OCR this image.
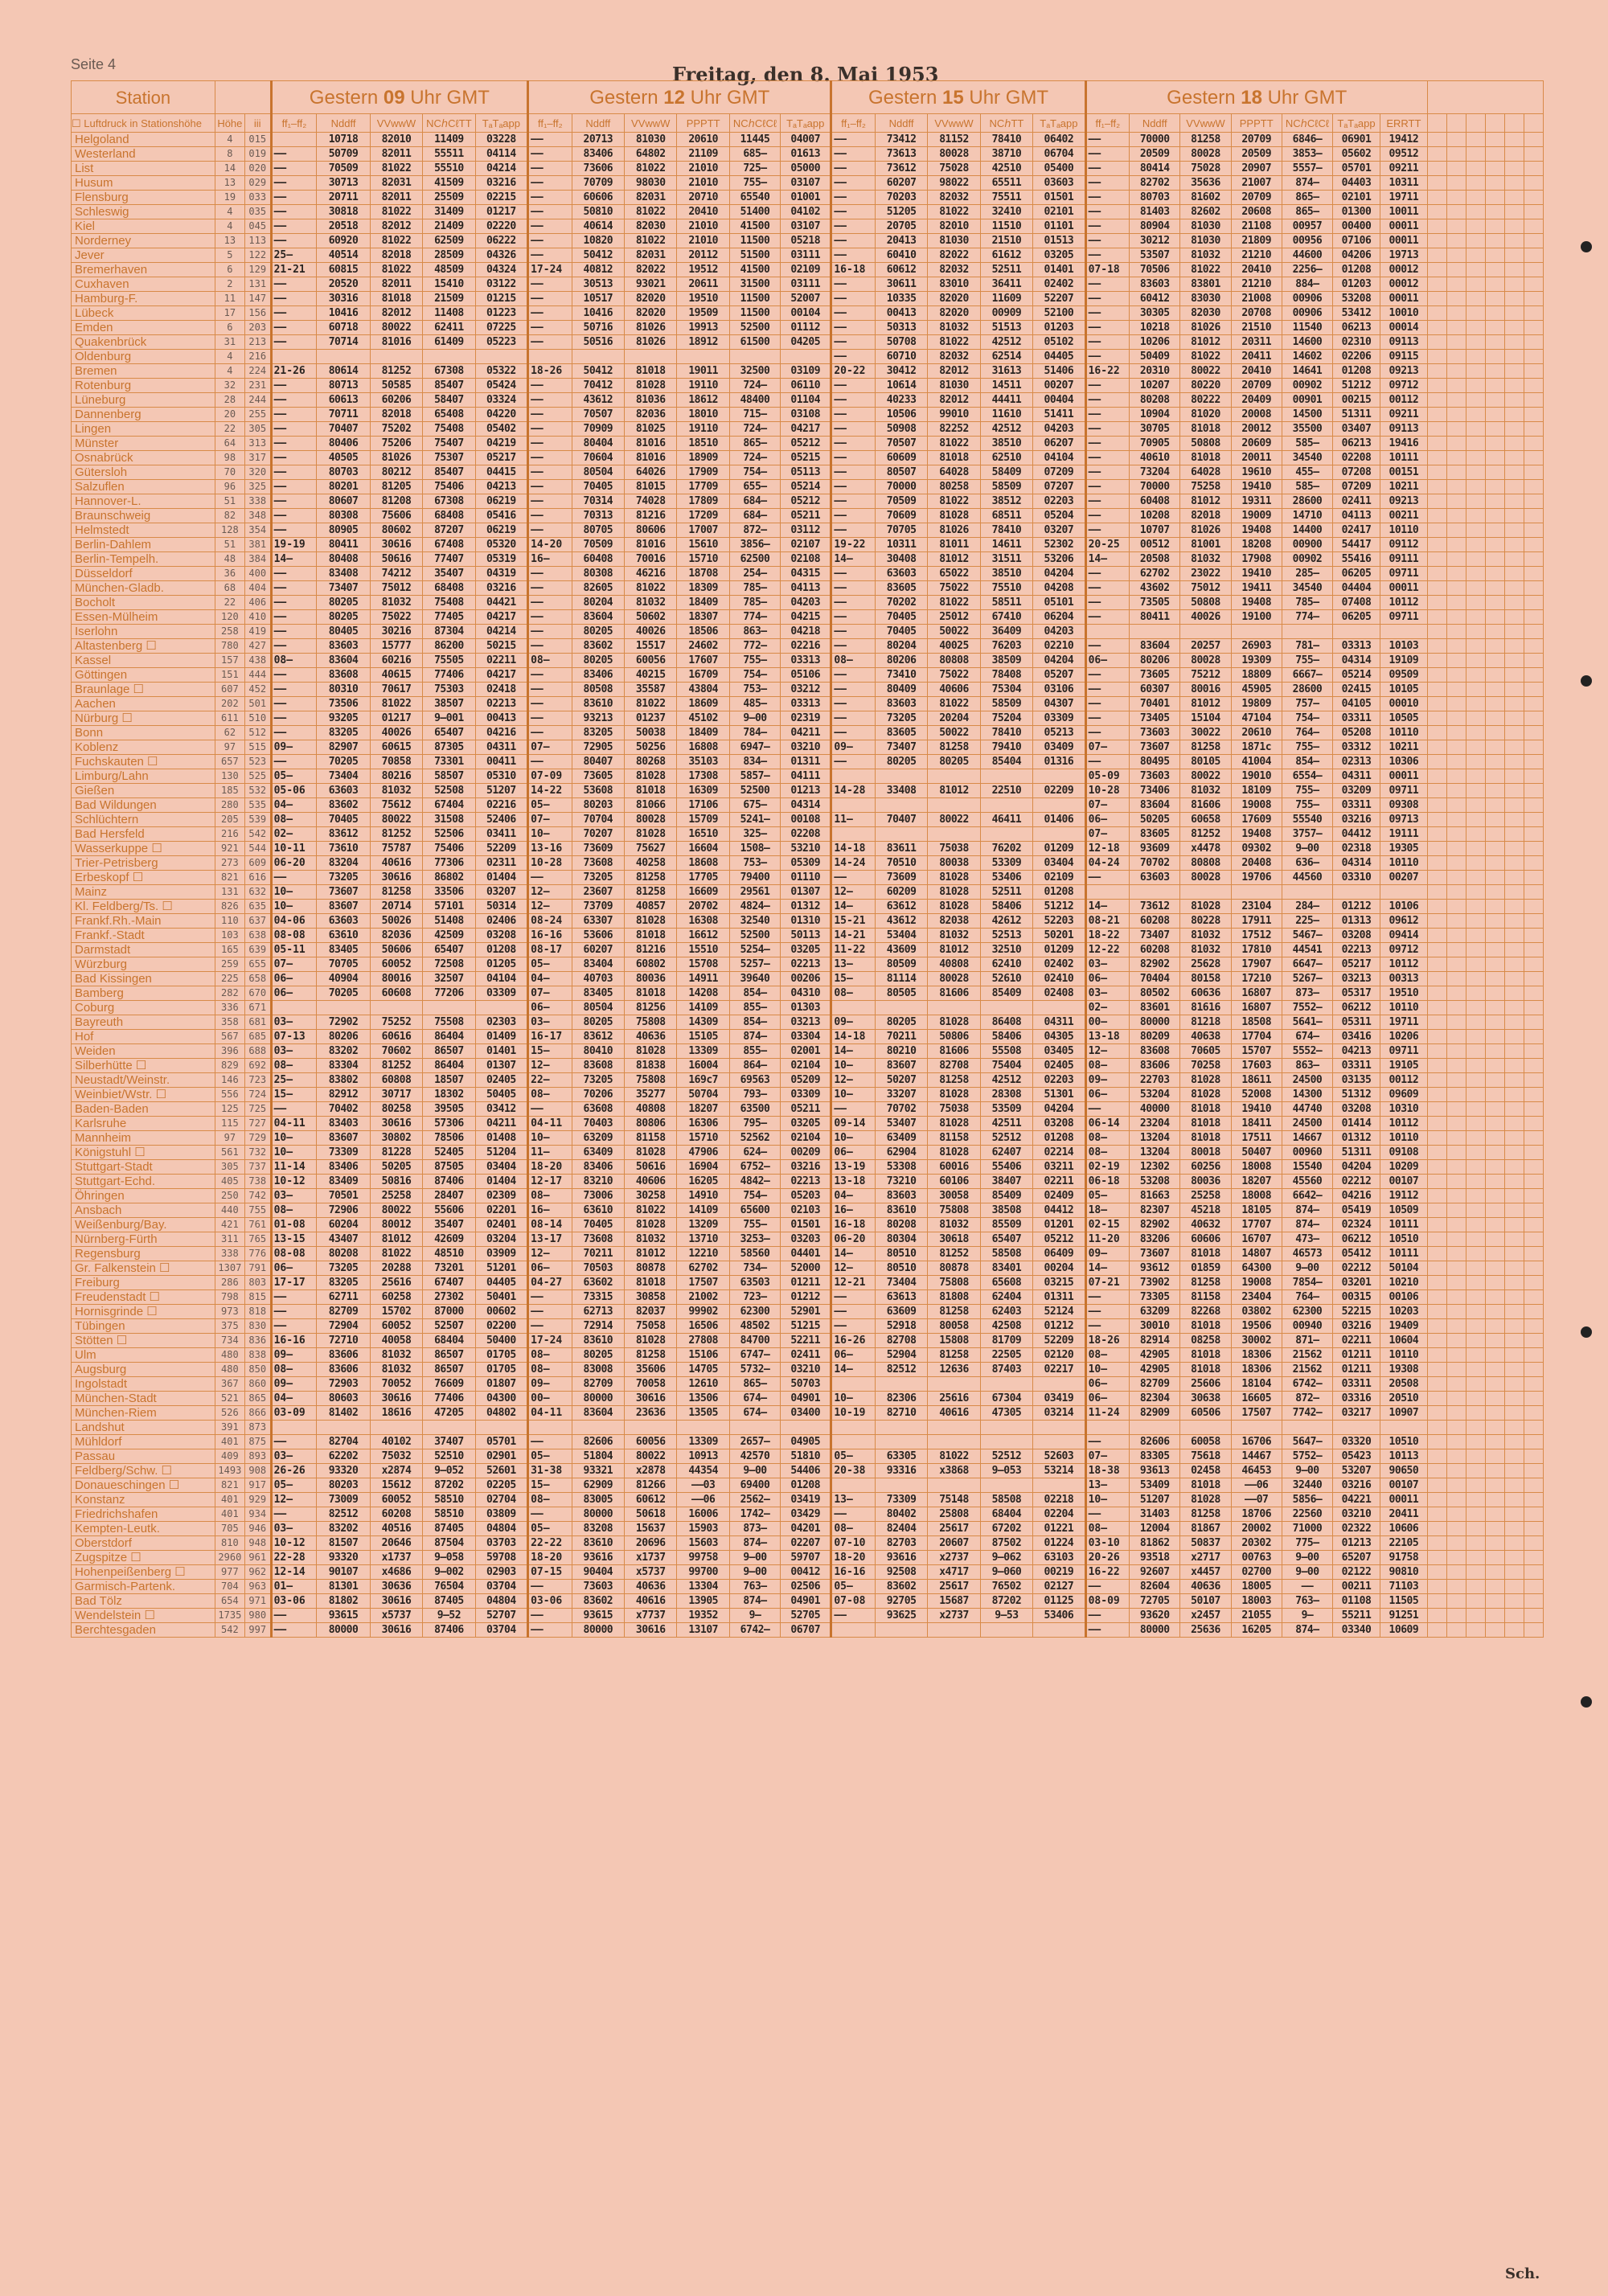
Seite 4	Freitag, den 8. Mai 1953
Station			Gestern 09 Uhr GMT					Gestern 12 Uhr GMT						Gestern 15 Uhr GMT					Gestern 18 Uhr GMT												
☐ Luftdruck in Stationshöhe	Höhe	iii	ff₁–ff₂	Nddff	VVwwW	NCℎCℓTT	TₐTₐapp	ff₁–ff₂	Nddff	VVwwW	PPPTT	NCℎCℓCℓ	TₐTₐapp	ff₁–ff₂	Nddff	VVwwW	NCℎTT	TₐTₐapp	ff₁–ff₂	Nddff	VVwwW	PPPTT	NCℎCℓCℓ	TₐTₐapp	ERRTT						
Helgoland	4	015		10718	82010	11409	03228	——	20713	81030	20610	11445	04007	——	73412	81152	78410	06402	——	70000	81258	20709	6846—	06901	19412						
Westerland	8	019	——	50709	82011	55511	04114	——	83406	64802	21109	685—	01613	——	73613	80028	38710	06704	——	20509	80028	20509	3853—	05602	09512						
List	14	020	——	70509	81022	55510	04214	——	73606	81022	21010	725—	05000	——	73612	75028	42510	05400	——	80414	75028	20907	5557—	05701	09211						
Husum	13	029	——	30713	82031	41509	03216	——	70709	98030	21010	755—	03107	——	60207	98022	65511	03603	——	82702	35636	21007	874—	04403	10311						
Flensburg	19	033	——	20711	82011	25509	02215	——	60606	82031	20710	65540	01001	——	70203	82032	75511	01501	——	80703	81602	20709	865—	02101	19711						
Schleswig	4	035	——	30818	81022	31409	01217	——	50810	81022	20410	51400	04102	——	51205	81022	32410	02101	——	81403	82602	20608	865—	01300	10011						
Kiel	4	045	——	20518	82012	21409	02220	——	40614	82030	21010	41500	03107	——	20705	82010	11510	01101	——	80904	81030	21108	00957	00400	00011						
Norderney	13	113	——	60920	81022	62509	06222	——	10820	81022	21010	11500	05218	——	20413	81030	21510	01513	——	30212	81030	21809	00956	07106	00011						
Jever	5	122	25—	40514	82018	28509	04326	——	50412	82031	20112	51500	03111	——	60410	82022	61612	03205	——	53507	81032	21210	44600	04206	19713						
Bremerhaven	6	129	21-21	60815	81022	48509	04324	17-24	40812	82022	19512	41500	02109	16-18	60612	82032	52511	01401	07-18	70506	81022	20410	2256—	01208	00012						
Cuxhaven	2	131	——	20520	82011	15410	03122	——	30513	93021	20611	31500	03111	——	30611	83010	36411	02402	——	83603	83801	21210	884—	01203	00012						
Hamburg-F.	11	147	——	30316	81018	21509	01215	——	10517	82020	19510	11500	52007	——	10335	82020	11609	52207	——	60412	83030	21008	00906	53208	00011						
Lübeck	17	156	——	10416	82012	11408	01223	——	10416	82020	19509	11500	00104	——	00413	82020	00909	52100	——	30305	82030	20708	00906	53412	10010						
Emden	6	203	——	60718	80022	62411	07225	——	50716	81026	19913	52500	01112	——	50313	81032	51513	01203	——	10218	81026	21510	11540	06213	00014						
Quakenbrück	31	213	——	70714	81016	61409	05223	——	50516	81026	18912	61500	04205	——	50708	81022	42512	05102	——	10206	81012	20311	14600	02310	09113						
Oldenburg	4	216												——	60710	82032	62514	04405	——	50409	81022	20411	14602	02206	09115						
Bremen	4	224	21-26	80614	81252	67308	05322	18-26	50412	81018	19011	32500	03109	20-22	30412	82012	31613	51406	16-22	20310	80022	20410	14641	01208	09213						
Rotenburg	32	231	——	80713	50585	85407	05424	——	70412	81028	19110	724—	06110	——	10614	81030	14511	00207	——	10207	80220	20709	00902	51212	09712						
Lüneburg	28	244	——	60613	60206	58407	03324	——	43612	81036	18612	48400	01104	——	40233	82012	44411	00404	——	80208	80222	20409	00901	00215	00112						
Dannenberg	20	255	——	70711	82018	65408	04220	——	70507	82036	18010	715—	03108	——	10506	99010	11610	51411	——	10904	81020	20008	14500	51311	09211						
Lingen	22	305	——	70407	75202	75408	05402	——	70909	81025	19110	724—	04217	——	50908	82252	42512	04203	——	30705	81018	20012	35500	03407	09113						
Münster	64	313	——	80406	75206	75407	04219	——	80404	81016	18510	865—	05212	——	70507	81022	38510	06207	——	70905	50808	20609	585—	06213	19416						
Osnabrück	98	317	——	40505	81026	75307	05217	——	70604	81016	18909	724—	05215	——	60609	81018	62510	04104	——	40610	81018	20011	34540	02208	10111						
Gütersloh	70	320	——	80703	80212	85407	04415	——	80504	64026	17909	754—	05113	——	80507	64028	58409	07209	——	73204	64028	19610	455—	07208	00151						
Salzuflen	96	325	——	80201	81205	75406	04213	——	70405	81015	17709	655—	05214	——	70000	80258	58509	07207	——	70000	75258	19410	585—	07209	10211						
Hannover-L.	51	338	——	80607	81208	67308	06219	——	70314	74028	17809	684—	05212	——	70509	81022	38512	02203	——	60408	81012	19311	28600	02411	09213						
Braunschweig	82	348	——	80308	75606	68408	05416	——	70313	81216	17209	684—	05211	——	70609	81028	68511	05204	——	10208	82018	19009	14710	04113	00211						
Helmstedt	128	354	——	80905	80602	87207	06219	——	80705	80606	17007	872—	03112	——	70705	81026	78410	03207	——	10707	81026	19408	14400	02417	10110						
Berlin-Dahlem	51	381	19-19	80411	30616	67408	05320	14-20	70509	81016	15610	3856—	02107	19-22	10311	81011	14611	52302	20-25	00512	81001	18208	00900	54417	09112						
Berlin-Tempelh.	48	384	14—	80408	50616	77407	05319	16—	60408	70016	15710	62500	02108	14—	30408	81012	31511	53206	14—	20508	81032	17908	00902	55416	09111						
Düsseldorf	36	400	——	83408	74212	35407	04319	——	80308	46216	18708	254—	04315	——	63603	65022	38510	04204	——	62702	23022	19410	285—	06205	09711						
München-Gladb.	68	404	——	73407	75012	68408	03216	——	82605	81022	18309	785—	04113	——	83605	75022	75510	04208	——	43602	75012	19411	34540	04404	00011						
Bocholt	22	406	——	80205	81032	75408	04421	——	80204	81032	18409	785—	04203	——	70202	81022	58511	05101	——	73505	50808	19408	785—	07408	10112						
Essen-Mülheim	120	410	——	80205	75022	77405	04217	——	83604	50602	18307	774—	04215	——	70405	25012	67410	06204	——	80411	40026	19100	774—	06205	09711						
Iserlohn	258	419	——	80405	30216	87304	04214	——	80205	40026	18506	863—	04218	——	70405	50022	36409	04203													
Altastenberg ☐	780	427	——	83603	15777	86200	50215	——	83602	15517	24602	772—	02216	——	80204	40025	76203	02210	——	83604	20257	26903	781—	03313	10103						
Kassel	157	438	08—	83604	60216	75505	02211	08—	80205	60056	17607	755—	03313	08—	80206	80808	38509	04204	06—	80206	80028	19309	755—	04314	19109						
Göttingen	151	444	——	83608	40615	77406	04217	——	83406	40215	16709	754—	05106	——	73410	75022	78408	05207	——	73605	75212	18809	6667—	05214	09509						
Braunlage ☐	607	452	——	80310	70617	75303	02418	——	80508	35587	43804	753—	03212	——	80409	40606	75304	03106	——	60307	80016	45905	28600	02415	10105						
Aachen	202	501	——	73506	81022	38507	02213	——	83610	81022	18609	485—	03313	——	83603	81022	58509	04307	——	70401	81012	19809	757—	04105	00010						
Nürburg ☐	611	510	——	93205	01217	9—001	00413	——	93213	01237	45102	9—00	02319	——	73205	20204	75204	03309	——	73405	15104	47104	754—	03311	10505						
Bonn	62	512	——	83205	40026	65407	04216	——	83205	50038	18409	784—	04211	——	83605	50022	78410	05213	——	73603	30022	20610	764—	05208	10110						
Koblenz	97	515	09—	82907	60615	87305	04311	07—	72905	50256	16808	6947—	03210	09—	73407	81258	79410	03409	07—	73607	81258	1871с	755—	03312	10211						
Fuchskauten ☐	657	523	——	70205	70858	73301	00411	——	80407	80268	35103	834—	01311	——	80205	80205	85404	01316	——	80495	80105	41004	854—	02313	10306						
Limburg/Lahn	130	525	05—	73404	80216	58507	05310	07-09	73605	81028	17308	5857—	04111						05-09	73603	80022	19010	6554—	04311	00011						
Gießen	185	532	05-06	63603	81032	52508	51207	14-22	53608	81018	16309	52500	01213	14-28	33408	81012	22510	02209	10-28	73406	81032	18109	755—	03209	09711						
Bad Wildungen	280	535	04—	83602	75612	67404	02216	05—	80203	81066	17106	675—	04314						07—	83604	81606	19008	755—	03311	09308						
Schlüchtern	205	539	08—	70405	80022	31508	52406	07—	70704	80028	15709	5241—	00108	11—	70407	80022	46411	01406	06—	50205	60658	17609	55540	03216	09713						
Bad Hersfeld	216	542	02—	83612	81252	52506	03411	10—	70207	81028	16510	325—	02208						07—	83605	81252	19408	3757—	04412	19111						
Wasserkuppe ☐	921	544	10-11	73610	75787	75406	52209	13-16	73609	75627	16604	1508—	53210	14-18	83611	75038	76202	01209	12-18	93609	x4478	09302	9—00	02318	19305						
Trier-Petrisberg	273	609	06-20	83204	40616	77306	02311	10-28	73608	40258	18608	753—	05309	14-24	70510	80038	53309	03404	04-24	70702	80808	20408	636—	04314	10110						
Erbeskopf ☐	821	616	——	73205	30616	86802	01404	——	73205	81258	17705	79400	01110	——	73609	81028	53406	02109	——	63603	80028	19706	44560	03310	00207						
Mainz	131	632	10—	73607	81258	33506	03207	12—	23607	81258	16609	29561	01307	12—	60209	81028	52511	01208													
Kl. Feldberg/Ts. ☐	826	635	10—	83607	20714	57101	50314	12—	73709	40857	20702	4824—	01312	14—	63612	81028	58406	51212	14—	73612	81028	23104	284—	01212	10106						
Frankf.Rh.-Main	110	637	04-06	63603	50026	51408	02406	08-24	63307	81028	16308	32540	01310	15-21	43612	82038	42612	52203	08-21	60208	80228	17911	225—	01313	09612						
Frankf.-Stadt	103	638	08-08	63610	82036	42509	03208	16-16	53606	81018	16612	52500	50113	14-21	53404	81032	52513	50201	18-22	73407	81032	17512	5467—	03208	09414						
Darmstadt	165	639	05-11	83405	50606	65407	01208	08-17	60207	81216	15510	5254—	03205	11-22	43609	81012	32510	01209	12-22	60208	81032	17810	44541	02213	09712						
Würzburg	259	655	07—	70705	60052	72508	01205	05—	83404	60802	15708	5257—	02213	13—	80509	40808	62410	02402	03—	82902	25628	17907	6647—	05217	10112						
Bad Kissingen	225	658	06—	40904	80016	32507	04104	04—	40703	80036	14911	39640	00206	15—	81114	80028	52610	02410	06—	70404	80158	17210	5267—	03213	00313						
Bamberg	282	670	06—	70205	60608	77206	03309	07—	83405	81018	14208	854—	04310	08—	80505	81606	85409	02408	03—	80502	60636	16807	873—	05317	19510						
Coburg	336	671						06—	80504	81256	14109	855—	01303						02—	83601	81616	16807	7552—	06212	10110						
Bayreuth	358	681	03—	72902	75252	75508	02303	03—	80205	75808	14309	854—	03213	09—	80205	81028	86408	04311	00—	80000	81218	18508	5641—	05311	19711						
Hof	567	685	07-13	80206	60616	86404	01409	16-17	83612	40636	15105	874—	03304	14-18	70211	50806	58406	04305	13-18	80209	40638	17704	674—	03416	10206						
Weiden	396	688	03—	83202	70602	86507	01401	15—	80410	81028	13309	855—	02001	14—	80210	81606	55508	03405	12—	83608	70605	15707	5552—	04213	09711						
Silberhütte ☐	829	692	08—	83304	81252	86404	01307	12—	83608	81838	16004	864—	02104	10—	83607	82708	75404	02405	08—	83606	70258	17603	863—	03311	19105						
Neustadt/Weinstr.	146	723	25—	83802	60808	18507	02405	22—	73205	75808	169c7	69563	05209	12—	50207	81258	42512	02203	09—	22703	81028	18611	24500	03135	00112						
Weinbiet/Wstr. ☐	556	724	15—	82912	30717	18302	50405	08—	70206	35277	50704	793—	03309	10—	33207	81028	28308	51301	06—	53204	81028	52008	14300	51312	09609						
Baden-Baden	125	725	——	70402	80258	39505	03412	——	63608	40808	18207	63500	05211	——	70702	75038	53509	04204	——	40000	81018	19410	44740	03208	10310						
Karlsruhe	115	727	04-11	83403	30616	57306	04211	04-11	70403	80806	16306	795—	03205	09-14	53407	81028	42511	03208	06-14	23204	81018	18411	24500	01414	10112						
Mannheim	97	729	10—	83607	30802	78506	01408	10—	63209	81158	15710	52562	02104	10—	63409	81158	52512	01208	08—	13204	81018	17511	14667	01312	10110						
Königstuhl ☐	561	732	10—	73309	81228	52405	51204	11—	63409	81028	47906	624—	00209	06—	62904	81028	62407	02214	08—	13204	80018	50407	00960	51311	09108						
Stuttgart-Stadt	305	737	11-14	83406	50205	87505	03404	18-20	83406	50616	16904	6752—	03216	13-19	53308	60016	55406	03211	02-19	12302	60256	18008	15540	04204	10209						
Stuttgart-Echd.	405	738	10-12	83409	50816	87406	01404	12-17	83210	40606	16205	4842—	02213	13-18	73210	60106	38407	02211	06-18	53208	80036	18207	45560	02212	00107						
Öhringen	250	742	03—	70501	25258	28407	02309	08—	73006	30258	14910	754—	05203	04—	83603	30058	85409	02409	05—	81663	25258	18008	6642—	04216	19112						
Ansbach	440	755	08—	72906	80022	55606	02201	16—	63610	81022	14109	65600	02103	16—	83610	75808	38508	04412	18—	82307	45218	18105	874—	05419	10509						
Weißenburg/Bay.	421	761	01-08	60204	80012	35407	02401	08-14	70405	81028	13209	755—	01501	16-18	80208	81032	85509	01201	02-15	82902	40632	17707	874—	02324	10111						
Nürnberg-Fürth	311	765	13-15	43407	81012	42609	03204	13-17	73608	81032	13710	3253—	03203	06-20	80304	30618	65407	05212	11-20	83206	60606	16707	473—	06212	10510						
Regensburg	338	776	08-08	80208	81022	48510	03909	12—	70211	81012	12210	58560	04401	14—	80510	81252	58508	06409	09—	73607	81018	14807	46573	05412	10111						
Gr. Falkenstein ☐	1307	791	06—	73205	20288	73201	51201	06—	70503	80878	62702	734—	52000	12—	80510	80878	83401	00204	14—	93612	01859	64300	9—00	02212	50104						
Freiburg	286	803	17-17	83205	25616	67407	04405	04-27	63602	81018	17507	63503	01211	12-21	73404	75808	65608	03215	07-21	73902	81258	19008	7854—	03201	10210						
Freudenstadt ☐	798	815	——	62711	60258	27302	50401	——	73315	30858	21002	723—	01212	——	63613	81808	62404	01311	——	73305	81158	23404	764—	00315	00106						
Hornisgrinde ☐	973	818	——	82709	15702	87000	00602	——	62713	82037	99902	62300	52901	——	63609	81258	62403	52124	——	63209	82268	03802	62300	52215	10203						
Tübingen	375	830	——	72904	60052	52507	02200	——	72914	75058	16506	48502	51215	——	52918	80058	42508	01212	——	30010	81018	19506	00940	03216	19409						
Stötten ☐	734	836	16-16	72710	40058	68404	50400	17-24	83610	81028	27808	84700	52211	16-26	82708	15808	81709	52209	18-26	82914	08258	30002	871—	02211	10604						
Ulm	480	838	09—	83606	81032	86507	01705	08—	80205	81258	15106	6747—	02411	06—	52904	81258	22505	02120	08—	42905	81018	18306	21562	01211	10110						
Augsburg	480	850	08—	83606	81032	86507	01705	08—	83008	35606	14705	5732—	03210	14—	82512	12636	87403	02217	10—	42905	81018	18306	21562	01211	19308						
Ingolstadt	367	860	09—	72903	70052	76609	01807	09—	82709	70058	12610	865—	50703						06—	82709	25606	18104	6742—	03311	20508						
München-Stadt	521	865	04—	80603	30616	77406	04300	00—	80000	30616	13506	674—	04901	10—	82306	25616	67304	03419	06—	82304	30638	16605	872—	03316	20510						
München-Riem	526	866	03-09	81402	18616	47205	04802	04-11	83604	23636	13505	674—	03400	10-19	82710	40616	47305	03214	11-24	82909	60506	17507	7742—	03217	10907						
Landshut	391	873																													
Mühldorf	401	875	——	82704	40102	37407	05701	——	82606	60056	13309	2657—	04905						——	82606	60058	16706	5647—	03320	10510						
Passau	409	893	03—	62202	75032	52510	02901	05—	51804	80022	10913	42570	51810	05—	63305	81022	52512	52603	07—	83305	75618	14467	5752—	05423	10113						
Feldberg/Schw. ☐	1493	908	26-26	93320	x2874	9—052	52601	31-38	93321	x2878	44354	9—00	54406	20-38	93316	x3868	9—053	53214	18-38	93613	02458	46453	9—00	53207	90650						
Donaueschingen ☐	821	917	05—	80203	15612	87202	02205	15—	62909	81266	——03	69400	01208						13—	53409	81018	——06	32440	03216	00107						
Konstanz	401	929	12—	73009	60052	58510	02704	08—	83005	60612	——06	2562—	03419	13—	73309	75148	58508	02218	10—	51207	81028	——07	5856—	04221	00011						
Friedrichshafen	401	934	——	82512	60208	58510	03809	——	80000	50618	16006	1742—	03429	——	80402	25808	68404	02204	——	31403	81258	18706	22560	03210	20411						
Kempten-Leutk.	705	946	03—	83202	40516	87405	04804	05—	83208	15637	15903	873—	04201	08—	82404	25617	67202	01221	08—	12004	81867	20002	71000	02322	10606						
Oberstdorf	810	948	10-12	81507	20646	87504	03703	22-22	83610	20696	15603	874—	02207	07-10	82703	20607	87502	01224	03-10	81862	50837	20302	775—	01213	22105						
Zugspitze ☐	2960	961	22-28	93320	x1737	9—058	59708	18-20	93616	x1737	99758	9—00	59707	18-20	93616	x2737	9—062	63103	20-26	93518	x2717	00763	9—00	65207	91758						
Hohenpeißenberg ☐	977	962	12-14	90107	x4686	9—002	02903	07-15	90404	x5737	99700	9—00	00412	16-16	92508	x4717	9—060	00219	16-22	92607	x4457	02700	9—00	02122	90810						
Garmisch-Partenk.	704	963	01—	81301	30636	76504	03704	——	73603	40636	13304	763—	02506	05—	83602	25617	76502	02127	——	82604	40636	18005	——	00211	71103						
Bad Tölz	654	971	03-06	81802	30616	87405	04804	03-06	83602	40616	13905	874—	04901	07-08	92705	15687	87202	01125	08-09	72705	50107	18003	763—	01108	11505						
Wendelstein ☐	1735	980	——	93615	x5737	9—52	52707	——	93615	x7737	19352	9—	52705	——	93625	x2737	9—53	53406	——	93620	x2457	21055	9—	55211	91251						
Berchtesgaden	542	997	——	80000	30616	87406	03704	——	80000	30616	13107	6742—	06707						——	80000	25636	16205	874—	03340	10609						
Sch.
